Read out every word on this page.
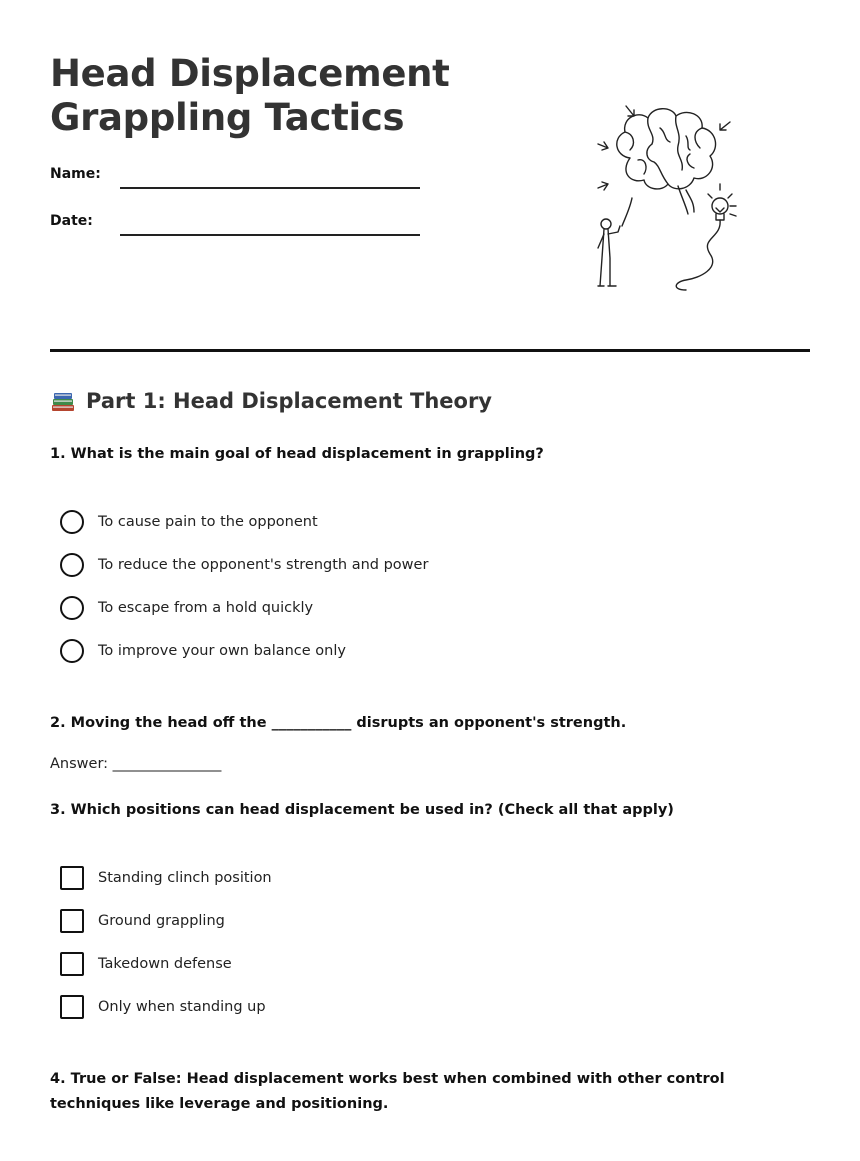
Head Displacement
Grappling Tactics
Name:
Date:
Part 1: Head Displacement Theory
1. What is the main goal of head displacement in grappling?
To cause pain to the opponent
To reduce the opponent's strength and power
To escape from a hold quickly
To improve your own balance only
2. Moving the head off the ___________ disrupts an opponent's strength.
Answer: _______________
3. Which positions can head displacement be used in? (Check all that apply)
Standing clinch position
Ground grappling
Takedown defense
Only when standing up
4. True or False: Head displacement works best when combined with other control techniques like leverage and positioning.
